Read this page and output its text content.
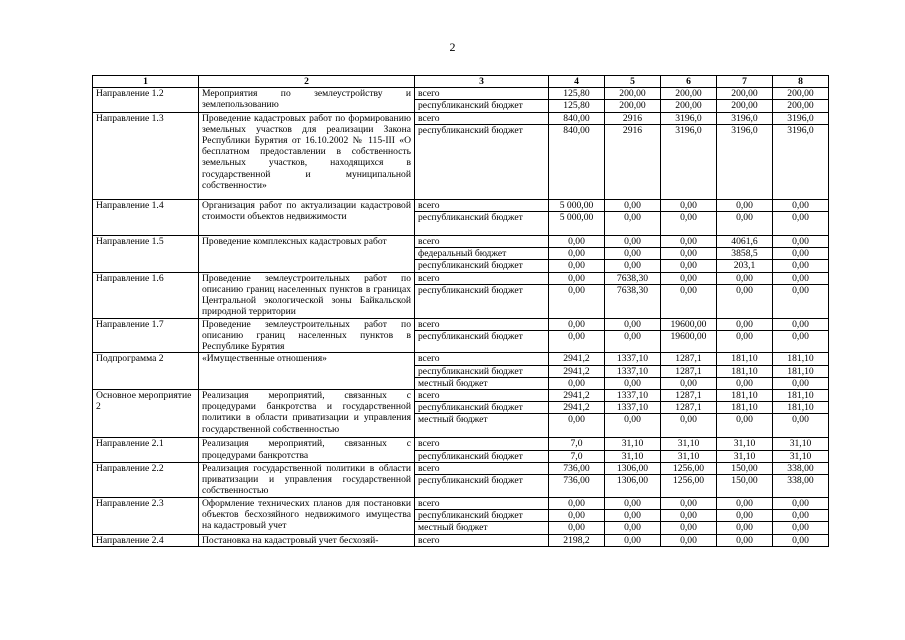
2
1	2	3	4	5	6	7	8
Направление 1.2	Мероприятия по землеустройству и землепользованию	всего	125,80	200,00	200,00	200,00	200,00
		республиканский бюджет	125,80	200,00	200,00	200,00	200,00
Направление 1.3	Проведение кадастровых работ по формированию земельных участков для реализации Закона Республики Бурятия от 16.10.2002 № 115-III «О бесплатном предоставлении в собственность земельных участков, находящихся в государственной и муниципальной собственности»	всего	840,00	2916	3196,0	3196,0	3196,0
		республиканский бюджет	840,00	2916	3196,0	3196,0	3196,0
Направление 1.4	Организация работ по актуализации кадастровой стоимости объектов недвижимости	всего	5 000,00	0,00	0,00	0,00	0,00
		республиканский бюджет	5 000,00	0,00	0,00	0,00	0,00
Направление 1.5	Проведение комплексных кадастровых работ	всего	0,00	0,00	0,00	4061,6	0,00
		федеральный бюджет	0,00	0,00	0,00	3858,5	0,00
		республиканский бюджет	0,00	0,00	0,00	203,1	0,00
Направление 1.6	Проведение землеустроительных работ по описанию границ населенных пунктов в границах Центральной экологической зоны Байкальской природной территории	всего	0,00	7638,30	0,00	0,00	0,00
		республиканский бюджет	0,00	7638,30	0,00	0,00	0,00
Направление 1.7	Проведение землеустроительных работ по описанию границ населенных пунктов в Республике Бурятия	всего	0,00	0,00	19600,00	0,00	0,00
		республиканский бюджет	0,00	0,00	19600,00	0,00	0,00
Подпрограмма 2	«Имущественные отношения»	всего	2941,2	1337,10	1287,1	181,10	181,10
		республиканский бюджет	2941,2	1337,10	1287,1	181,10	181,10
		местный бюджет	0,00	0,00	0,00	0,00	0,00
Основное мероприятие 2	Реализация мероприятий, связанных с процедурами банкротства и государственной политики в области приватизации и управления государственной собственностью	всего	2941,2	1337,10	1287,1	181,10	181,10
		республиканский бюджет	2941,2	1337,10	1287,1	181,10	181,10
		местный бюджет	0,00	0,00	0,00	0,00	0,00
Направление 2.1	Реализация мероприятий, связанных с процедурами банкротства	всего	7,0	31,10	31,10	31,10	31,10
		республиканский бюджет	7,0	31,10	31,10	31,10	31,10
Направление 2.2	Реализация государственной политики в области приватизации и управления государственной собственностью	всего	736,00	1306,00	1256,00	150,00	338,00
		республиканский бюджет	736,00	1306,00	1256,00	150,00	338,00
Направление 2.3	Оформление технических планов для постановки объектов бесхозяйного недвижимого имущества на кадастровый учет	всего	0,00	0,00	0,00	0,00	0,00
		республиканский бюджет	0,00	0,00	0,00	0,00	0,00
		местный бюджет	0,00	0,00	0,00	0,00	0,00
Направление 2.4	Постановка на кадастровый учет бесхозяй-	всего	2198,2	0,00	0,00	0,00	0,00
